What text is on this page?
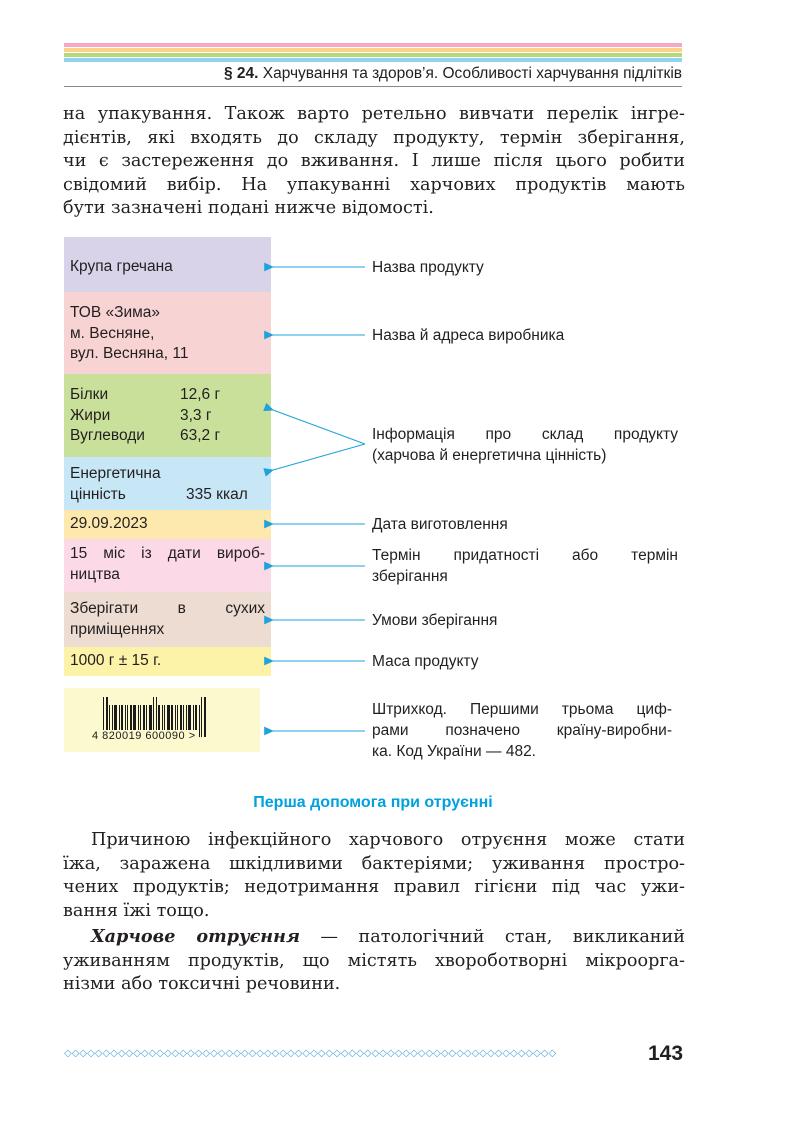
§ 24. Харчування та здоров’я. Особливості харчування підлітків

на упакування. Також варто ретельно вивчати перелік інгре-
дієнтів, які входять до складу продукту, термін зберігання,
чи є застереження до вживання. І лише після цього робити
свідомий вибір. На упакуванні харчових продуктів мають
бути зазначені подані нижче відомості.

Крупа гречана
ТОВ «Зима»
м. Весняне,
вул. Весняна, 11
Білки	12,6 г
Жири	3,3 г
Вуглеводи	63,2 г
Енергетична
цінність	335 ккал
29.09.2023
15 міс із дати вироб-
ництва
Зберігати в сухих
приміщеннях
1000 г ± 15 г.
4 820019 600090 >
Назва продукту
Назва й адреса виробника
Інформація про склад продукту
(харчова й енергетична цінність)
Дата виготовлення
Термін придатності або термін
зберігання
Умови зберігання
Маса продукту
Штрихкод. Першими трьома циф-
рами позначено країну-виробни-
ка. Код України — 482.
Перша допомога при отруєнні

Причиною інфекційного харчового отруєння може стати
їжа, заражена шкідливими бактеріями; уживання простро-
чених продуктів; недотримання правил гігієни під час ужи-
вання їжі тощо.

Харчове отруєння — патологічний стан, викликаний
уживанням продуктів, що містять хвороботворні мікроорга-
нізми або токсичні речовини.

◇◇◇◇◇◇◇◇◇◇◇◇◇◇◇◇◇◇◇◇◇◇◇◇◇◇◇◇◇◇◇◇◇◇◇◇◇◇◇◇◇◇◇◇◇◇◇◇◇◇◇◇◇◇◇◇◇◇◇◇◇◇◇◇	143
